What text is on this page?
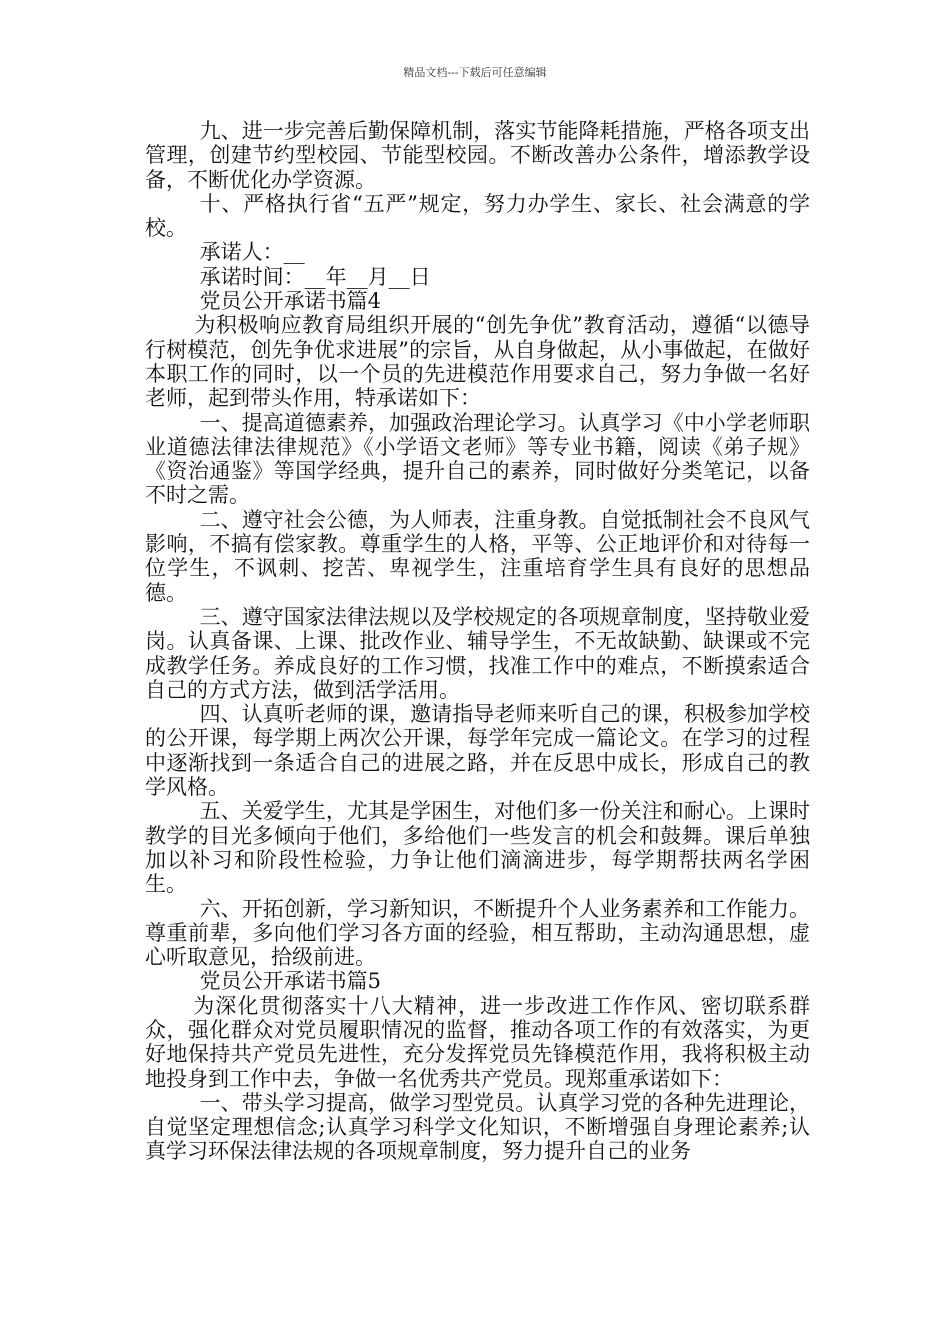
精品文档---下载后可任意编辑

九、进一步完善后勤保障机制，落实节能降耗措施，严格各项支出管理，创建节约型校园、节能型校园。不断改善办公条件，增添教学设备，不断优化办学资源。

十、严格执行省“五严”规定，努力办学生、家长、社会满意的学校。

承诺人：__

承诺时间：__年__月__日

党员公开承诺书篇4

为积极响应教育局组织开展的“创先争优”教育活动，遵循“以德导行树模范，创先争优求进展”的宗旨，从自身做起，从小事做起，在做好本职工作的同时，以一个员的先进模范作用要求自己，努力争做一名好老师，起到带头作用，特承诺如下：

一、提高道德素养，加强政治理论学习。认真学习《中小学老师职业道德法律法律规范》《小学语文老师》等专业书籍，阅读《弟子规》《资治通鉴》等国学经典，提升自己的素养，同时做好分类笔记，以备不时之需。

二、遵守社会公德，为人师表，注重身教。自觉抵制社会不良风气影响，不搞有偿家教。尊重学生的人格，平等、公正地评价和对待每一位学生，不讽刺、挖苦、卑视学生，注重培育学生具有良好的思想品德。

三、遵守国家法律法规以及学校规定的各项规章制度，坚持敬业爱岗。认真备课、上课、批改作业、辅导学生，不无故缺勤、缺课或不完成教学任务。养成良好的工作习惯，找准工作中的难点，不断摸索适合自己的方式方法，做到活学活用。

四、认真听老师的课，邀请指导老师来听自己的课，积极参加学校的公开课，每学期上两次公开课，每学年完成一篇论文。在学习的过程中逐渐找到一条适合自己的进展之路，并在反思中成长，形成自己的教学风格。

五、关爱学生，尤其是学困生，对他们多一份关注和耐心。上课时教学的目光多倾向于他们，多给他们一些发言的机会和鼓舞。课后单独加以补习和阶段性检验，力争让他们滴滴进步，每学期帮扶两名学困生。

六、开拓创新，学习新知识，不断提升个人业务素养和工作能力。尊重前辈，多向他们学习各方面的经验，相互帮助，主动沟通思想，虚心听取意见，拾级前进。

党员公开承诺书篇5

为深化贯彻落实十八大精神，进一步改进工作作风、密切联系群众，强化群众对党员履职情况的监督，推动各项工作的有效落实，为更好地保持共产党员先进性，充分发挥党员先锋模范作用，我将积极主动地投身到工作中去，争做一名优秀共产党员。现郑重承诺如下：

一、带头学习提高，做学习型党员。认真学习党的各种先进理论，自觉坚定理想信念;认真学习科学文化知识，不断增强自身理论素养;认真学习环保法律法规的各项规章制度，努力提升自己的业务
